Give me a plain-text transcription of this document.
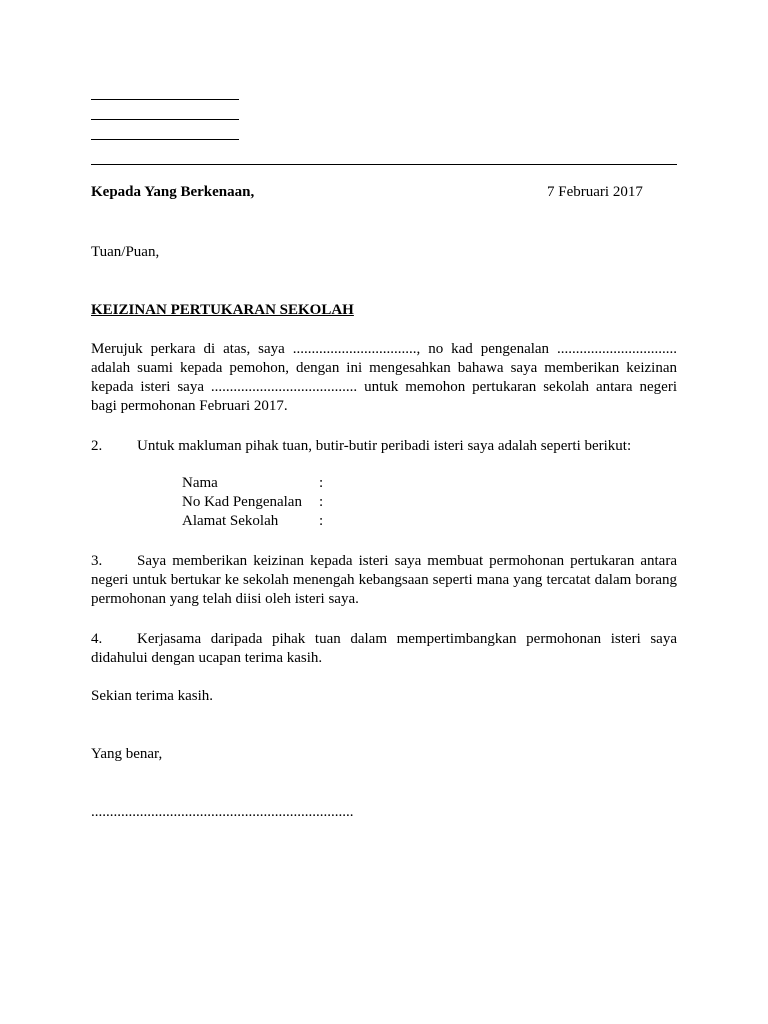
Kepada Yang Berkenaan,	7 Februari 2017
Tuan/Puan,
KEIZINAN PERTUKARAN SEKOLAH

Merujuk perkara di atas, saya ................................., no kad pengenalan ................................ adalah suami kepada pemohon, dengan ini mengesahkan bahawa saya memberikan keizinan kepada isteri saya ....................................... untuk memohon pertukaran sekolah antara negeri bagi permohonan Februari 2017.

2. Untuk makluman pihak tuan, butir-butir peribadi isteri saya adalah seperti berikut:
Nama	:
No Kad Pengenalan :
Alamat Sekolah	:

3. Saya memberikan keizinan kepada isteri saya membuat permohonan pertukaran antara negeri untuk bertukar ke sekolah menengah kebangsaan seperti mana yang tercatat dalam borang permohonan yang telah diisi oleh isteri saya.

4. Kerjasama daripada pihak tuan dalam mempertimbangkan permohonan isteri saya didahului dengan ucapan terima kasih.

Sekian terima kasih.
Yang benar,
......................................................................
